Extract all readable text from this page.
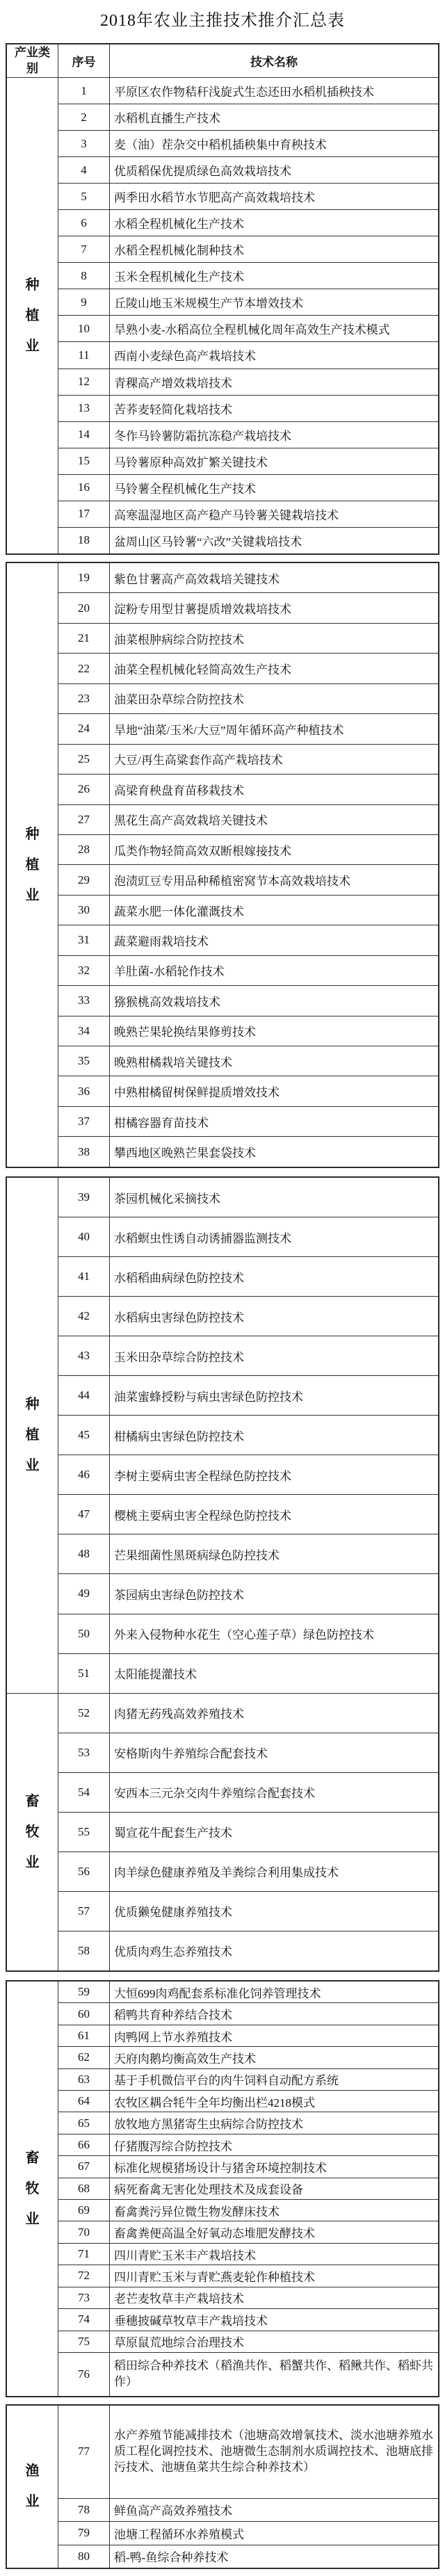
2018年农业主推技术推介汇总表
产业类别	序号	技术名称
种植业	1	平原区农作物秸秆浅旋式生态还田水稻机插秧技术
	2	水稻机直播生产技术
	3	麦（油）茬杂交中稻机插秧集中育秧技术
	4	优质稻保优提质绿色高效栽培技术
	5	两季田水稻节水节肥高产高效栽培技术
	6	水稻全程机械化生产技术
	7	水稻全程机械化制种技术
	8	玉米全程机械化生产技术
	9	丘陵山地玉米规模生产节本增效技术
	10	旱熟小麦-水稻高位全程机械化周年高效生产技术模式
	11	西南小麦绿色高产栽培技术
	12	青稞高产增效栽培技术
	13	苦荞麦轻简化栽培技术
	14	冬作马铃薯防霜抗冻稳产栽培技术
	15	马铃薯原种高效扩繁关键技术
	16	马铃薯全程机械化生产技术
	17	高寒温湿地区高产稳产马铃薯关键栽培技术
	18	盆周山区马铃薯“六改”关键栽培技术
种植业	19	紫色甘薯高产高效栽培关键技术
	20	淀粉专用型甘薯提质增效栽培技术
	21	油菜根肿病综合防控技术
	22	油菜全程机械化轻简高效生产技术
	23	油菜田杂草综合防控技术
	24	旱地“油菜/玉米/大豆”周年循环高产种植技术
	25	大豆/再生高粱套作高产栽培技术
	26	高梁育秧盘育苗移栽技术
	27	黑花生高产高效栽培关键技术
	28	瓜类作物轻简高效双断根嫁接技术
	29	泡渍豇豆专用品种稀植密窝节本高效栽培技术
	30	蔬菜水肥一体化灌溉技术
	31	蔬菜避雨栽培技术
	32	羊肚菌-水稻轮作技术
	33	猕猴桃高效栽培技术
	34	晚熟芒果轮换结果修剪技术
	35	晚熟柑橘栽培关键技术
	36	中熟柑橘留树保鲜提质增效技术
	37	柑橘容器育苗技术
	38	攀西地区晚熟芒果套袋技术
种植业	39	茶园机械化采摘技术
	40	水稻螟虫性诱自动诱捕器监测技术
	41	水稻稻曲病绿色防控技术
	42	水稻病虫害绿色防控技术
	43	玉米田杂草综合防控技术
	44	油菜蜜蜂授粉与病虫害绿色防控技术
	45	柑橘病虫害绿色防控技术
	46	李树主要病虫害全程绿色防控技术
	47	樱桃主要病虫害全程绿色防控技术
	48	芒果细菌性黑斑病绿色防控技术
	49	茶园病虫害绿色防控技术
	50	外来入侵物种水花生（空心莲子草）绿色防控技术
	51	太阳能提灌技术
畜牧业	52	肉猪无药残高效养殖技术
	53	安格斯肉牛养殖综合配套技术
	54	安西本三元杂交肉牛养殖综合配套技术
	55	蜀宣花牛配套生产技术
	56	肉羊绿色健康养殖及羊粪综合利用集成技术
	57	优质獭兔健康养殖技术
	58	优质肉鸡生态养殖技术
畜牧业	59	大恒699肉鸡配套系标准化饲养管理技术
	60	稻鸭共育种养结合技术
	61	肉鸭网上节水养殖技术
	62	天府肉鹅均衡高效生产技术
	63	基于手机微信平台的肉牛饲料自动配方系统
	64	农牧区耦合牦牛全年均衡出栏4218模式
	65	放牧地方黑猪寄生虫病综合防控技术
	66	仔猪腹泻综合防控技术
	67	标准化规模猪场设计与猪舍环境控制技术
	68	病死畜禽无害化处理技术及成套设备
	69	畜禽粪污异位微生物发酵床技术
	70	畜禽粪便高温全好氧动态堆肥发酵技术
	71	四川青贮玉米丰产栽培技术
	72	四川青贮玉米与青贮燕麦轮作种植技术
	73	老芒麦牧草丰产栽培技术
	74	垂穗披碱草牧草丰产栽培技术
	75	草原鼠荒地综合治理技术
	76	稻田综合种养技术（稻渔共作、稻蟹共作、稻鳅共作、稻虾共作）
渔业	77	水产养殖节能减排技术（池塘高效增氧技术、淡水池塘养殖水质工程化调控技术、池塘微生态制剂水质调控技术、池塘底排污技术、池塘鱼菜共生综合种养技术）
	78	鲜鱼高产高效养殖技术
	79	池塘工程循环水养殖模式
	80	稻-鸭-鱼综合种养技术
